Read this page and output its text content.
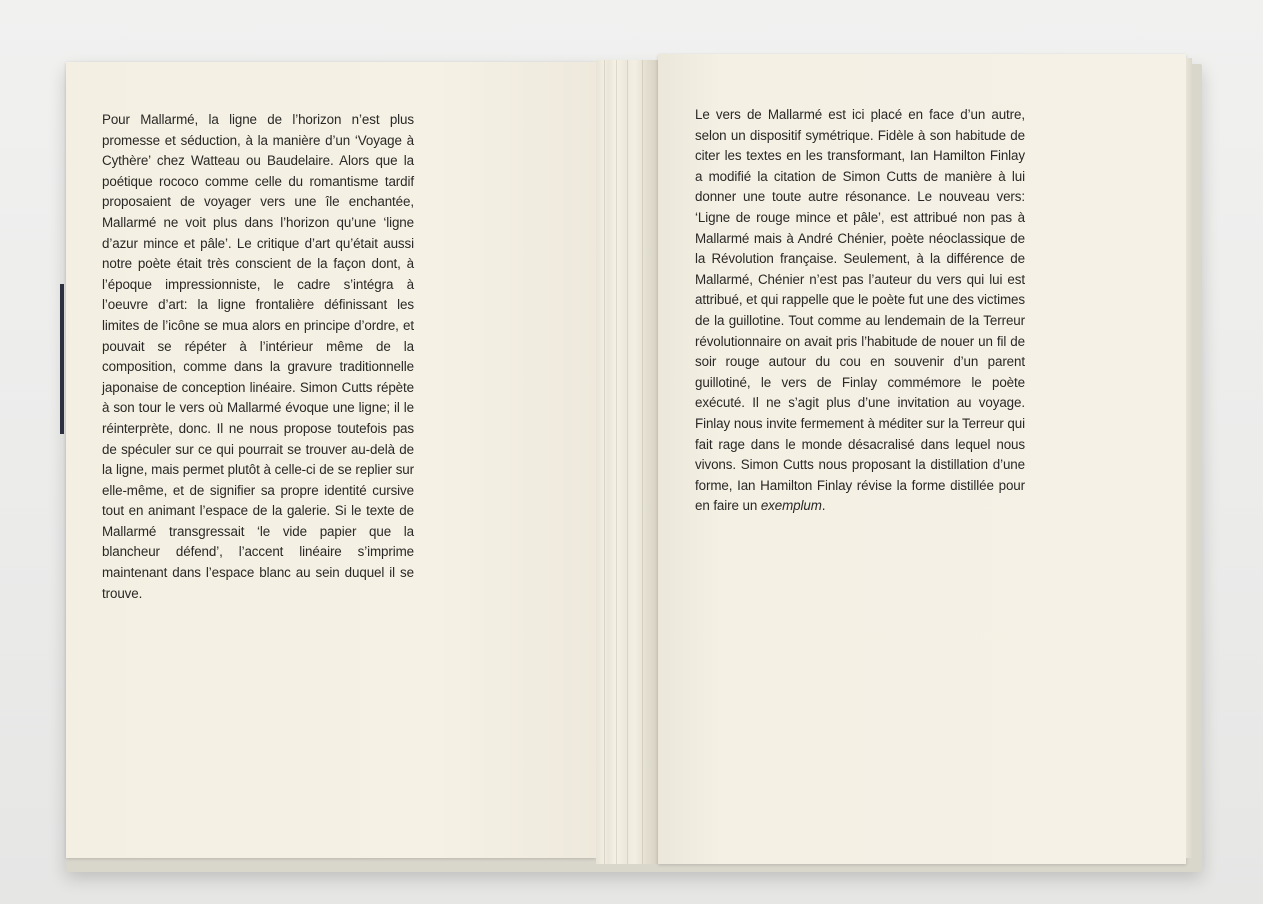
Pour Mallarmé, la ligne de l’horizon n’est plus promesse et séduction, à la manière d’un ‘Voyage à Cythère’ chez Watteau ou Baudelaire. Alors que la poétique rococo comme celle du romantisme tardif proposaient de voyager vers une île enchantée, Mallarmé ne voit plus dans l’horizon qu’une ‘ligne d’azur mince et pâle’. Le critique d’art qu’était aussi notre poète était très conscient de la façon dont, à l’époque impressionniste, le cadre s’intégra à l’oeuvre d’art: la ligne frontalière définissant les limites de l’icône se mua alors en principe d’ordre, et pouvait se répéter à l’intérieur même de la composition, comme dans la gravure traditionnelle japonaise de conception linéaire. Simon Cutts répète à son tour le vers où Mallarmé évoque une ligne; il le réinterprète, donc. Il ne nous propose toutefois pas de spéculer sur ce qui pourrait se trouver au-delà de la ligne, mais permet plutôt à celle-ci de se replier sur elle-même, et de signifier sa propre identité cursive tout en animant l’espace de la galerie. Si le texte de Mallarmé transgressait ‘le vide papier que la blancheur défend’, l’accent linéaire s’imprime maintenant dans l’espace blanc au sein duquel il se trouve.

Le vers de Mallarmé est ici placé en face d’un autre, selon un dispositif symétrique. Fidèle à son habitude de citer les textes en les transformant, Ian Hamilton Finlay a modifié la citation de Simon Cutts de manière à lui donner une toute autre résonance. Le nouveau vers: ‘Ligne de rouge mince et pâle’, est attribué non pas à Mallarmé mais à André Chénier, poète néoclassique de la Révolution française. Seulement, à la différence de Mallarmé, Chénier n’est pas l’auteur du vers qui lui est attribué, et qui rappelle que le poète fut une des victimes de la guillotine. Tout comme au lendemain de la Terreur révolutionnaire on avait pris l’habitude de nouer un fil de soir rouge autour du cou en souvenir d’un parent guillotiné, le vers de Finlay commémore le poète exécuté. Il ne s’agit plus d’une invitation au voyage. Finlay nous invite fermement à méditer sur la Terreur qui fait rage dans le monde désacralisé dans lequel nous vivons. Simon Cutts nous proposant la distillation d’une forme, Ian Hamilton Finlay révise la forme distillée pour en faire un exemplum.
